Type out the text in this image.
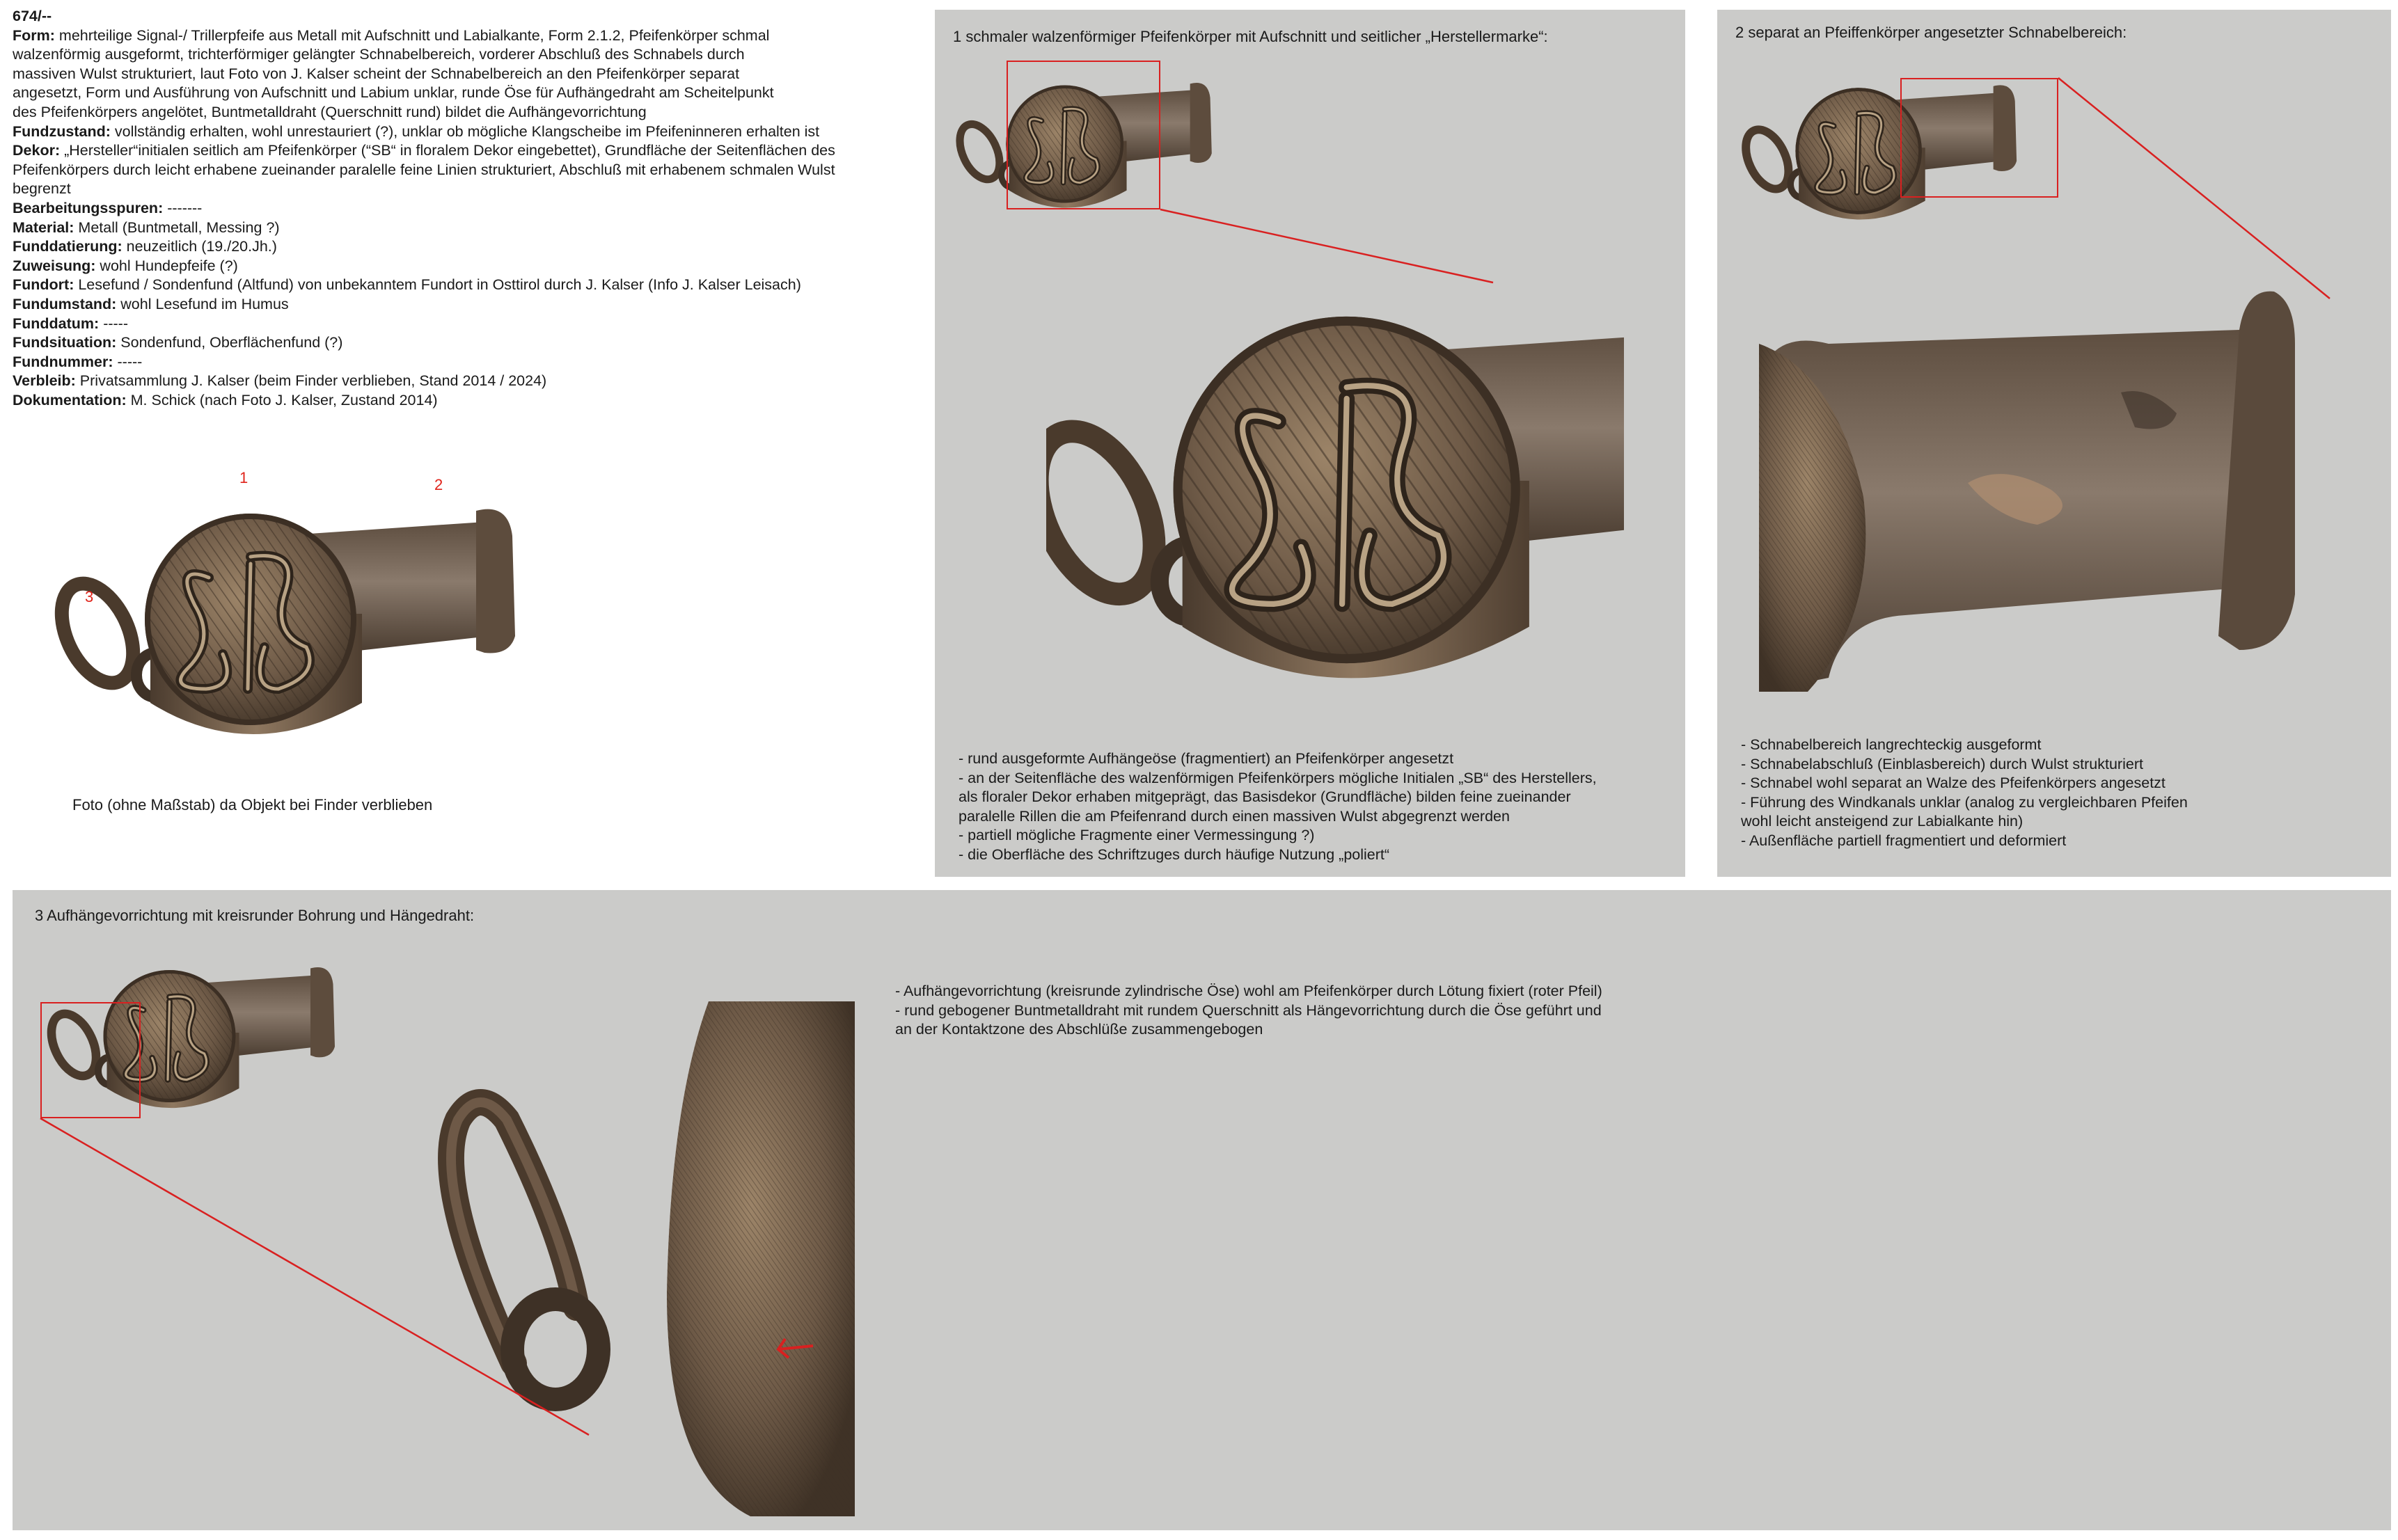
674/--
Form: mehrteilige Signal-/ Trillerpfeife aus Metall mit Aufschnitt und Labialkante, Form 2.1.2, Pfeifenkörper schmal
walzenförmig ausgeformt, trichterförmiger gelängter Schnabelbereich, vorderer Abschluß des Schnabels durch
massiven Wulst strukturiert, laut Foto von J. Kalser scheint der Schnabelbereich an den Pfeifenkörper separat
angesetzt, Form und Ausführung von Aufschnitt und Labium unklar, runde Öse für Aufhängedraht am Scheitelpunkt
des Pfeifenkörpers angelötet, Buntmetalldraht (Querschnitt rund) bildet die Aufhängevorrichtung
Fundzustand: vollständig erhalten, wohl unrestauriert (?), unklar ob mögliche Klangscheibe im Pfeifeninneren erhalten ist
Dekor: „Hersteller“initialen seitlich am Pfeifenkörper (“SB“ in floralem Dekor eingebettet), Grundfläche der Seitenflächen des
Pfeifenkörpers durch leicht erhabene zueinander paralelle feine Linien strukturiert, Abschluß mit erhabenem schmalen Wulst
begrenzt
Bearbeitungsspuren: -------
Material: Metall (Buntmetall, Messing ?)
Funddatierung: neuzeitlich (19./20.Jh.)
Zuweisung: wohl Hundepfeife (?)
Fundort: Lesefund / Sondenfund (Altfund) von unbekanntem Fundort in Osttirol durch J. Kalser (Info J. Kalser Leisach)
Fundumstand: wohl Lesefund im Humus
Funddatum: -----
Fundsituation: Sondenfund, Oberflächenfund (?)
Fundnummer: -----
Verbleib: Privatsammlung J. Kalser (beim Finder verblieben, Stand 2014 / 2024)
Dokumentation: M. Schick (nach Foto J. Kalser, Zustand 2014)
1	2
3
Foto (ohne Maßstab) da Objekt bei Finder verblieben
1 schmaler walzenförmiger Pfeifenkörper mit Aufschnitt und seitlicher „Herstellermarke“:
- rund ausgeformte Aufhängeöse (fragmentiert) an Pfeifenkörper angesetzt
- an der Seitenfläche des walzenförmigen Pfeifenkörpers mögliche Initialen „SB“ des Herstellers,
als floraler Dekor erhaben mitgeprägt, das Basisdekor (Grundfläche) bilden feine zueinander
paralelle Rillen die am Pfeifenrand durch einen massiven Wulst abgegrenzt werden
- partiell mögliche Fragmente einer Vermessingung ?)
- die Oberfläche des Schriftzuges durch häufige Nutzung „poliert“
2 separat an Pfeiffenkörper angesetzter Schnabelbereich:
- Schnabelbereich langrechteckig ausgeformt
- Schnabelabschluß (Einblasbereich) durch Wulst strukturiert
- Schnabel wohl separat an Walze des Pfeifenkörpers angesetzt
- Führung des Windkanals unklar (analog zu vergleichbaren Pfeifen
wohl leicht ansteigend zur Labialkante hin)
- Außenfläche partiell fragmentiert und deformiert
3 Aufhängevorrichtung mit kreisrunder Bohrung und Hängedraht:
- Aufhängevorrichtung (kreisrunde zylindrische Öse) wohl am Pfeifenkörper durch Lötung fixiert (roter Pfeil)
- rund gebogener Buntmetalldraht mit rundem Querschnitt als Hängevorrichtung durch die Öse geführt und
an der Kontaktzone des Abschlüße zusammengebogen
